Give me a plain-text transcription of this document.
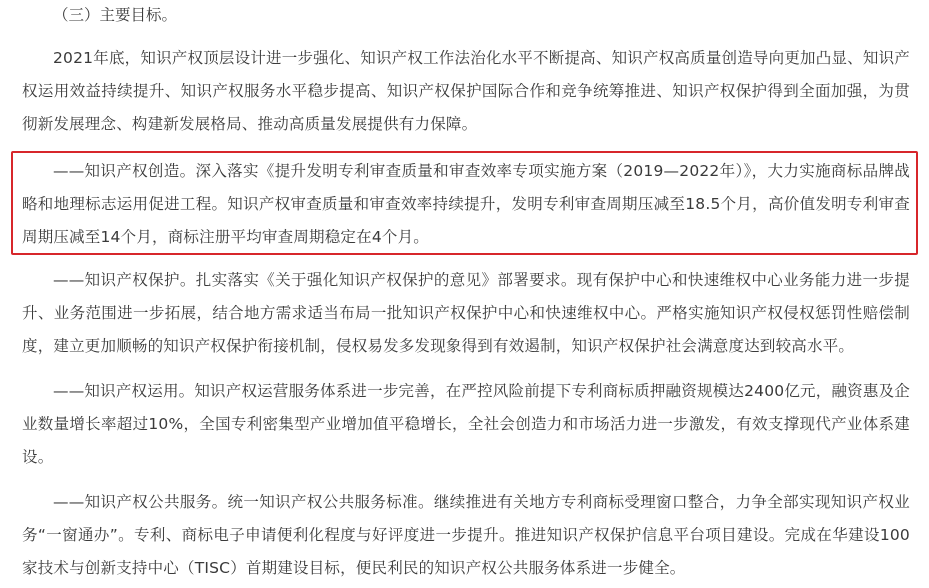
（三）主要目标。

2021年底，知识产权顶层设计进一步强化、知识产权工作法治化水平不断提高、知识产权高质量创造导向更加凸显、知识产权运用效益持续提升、知识产权服务水平稳步提高、知识产权保护国际合作和竞争统筹推进、知识产权保护得到全面加强，为贯彻新发展理念、构建新发展格局、推动高质量发展提供有力保障。

——知识产权创造。深入落实《提升发明专利审查质量和审查效率专项实施方案（2019—2022年）》，大力实施商标品牌战略和地理标志运用促进工程。知识产权审查质量和审查效率持续提升，发明专利审查周期压减至18.5个月，高价值发明专利审查周期压减至14个月，商标注册平均审查周期稳定在4个月。

——知识产权保护。扎实落实《关于强化知识产权保护的意见》部署要求。现有保护中心和快速维权中心业务能力进一步提升、业务范围进一步拓展，结合地方需求适当布局一批知识产权保护中心和快速维权中心。严格实施知识产权侵权惩罚性赔偿制度，建立更加顺畅的知识产权保护衔接机制，侵权易发多发现象得到有效遏制，知识产权保护社会满意度达到较高水平。

——知识产权运用。知识产权运营服务体系进一步完善，在严控风险前提下专利商标质押融资规模达2400亿元，融资惠及企业数量增长率超过10%，全国专利密集型产业增加值平稳增长，全社会创造力和市场活力进一步激发，有效支撑现代产业体系建设。

——知识产权公共服务。统一知识产权公共服务标准。继续推进有关地方专利商标受理窗口整合，力争全部实现知识产权业务“一窗通办”。专利、商标电子申请便利化程度与好评度进一步提升。推进知识产权保护信息平台项目建设。完成在华建设100家技术与创新支持中心（TISC）首期建设目标，便民利民的知识产权公共服务体系进一步健全。
